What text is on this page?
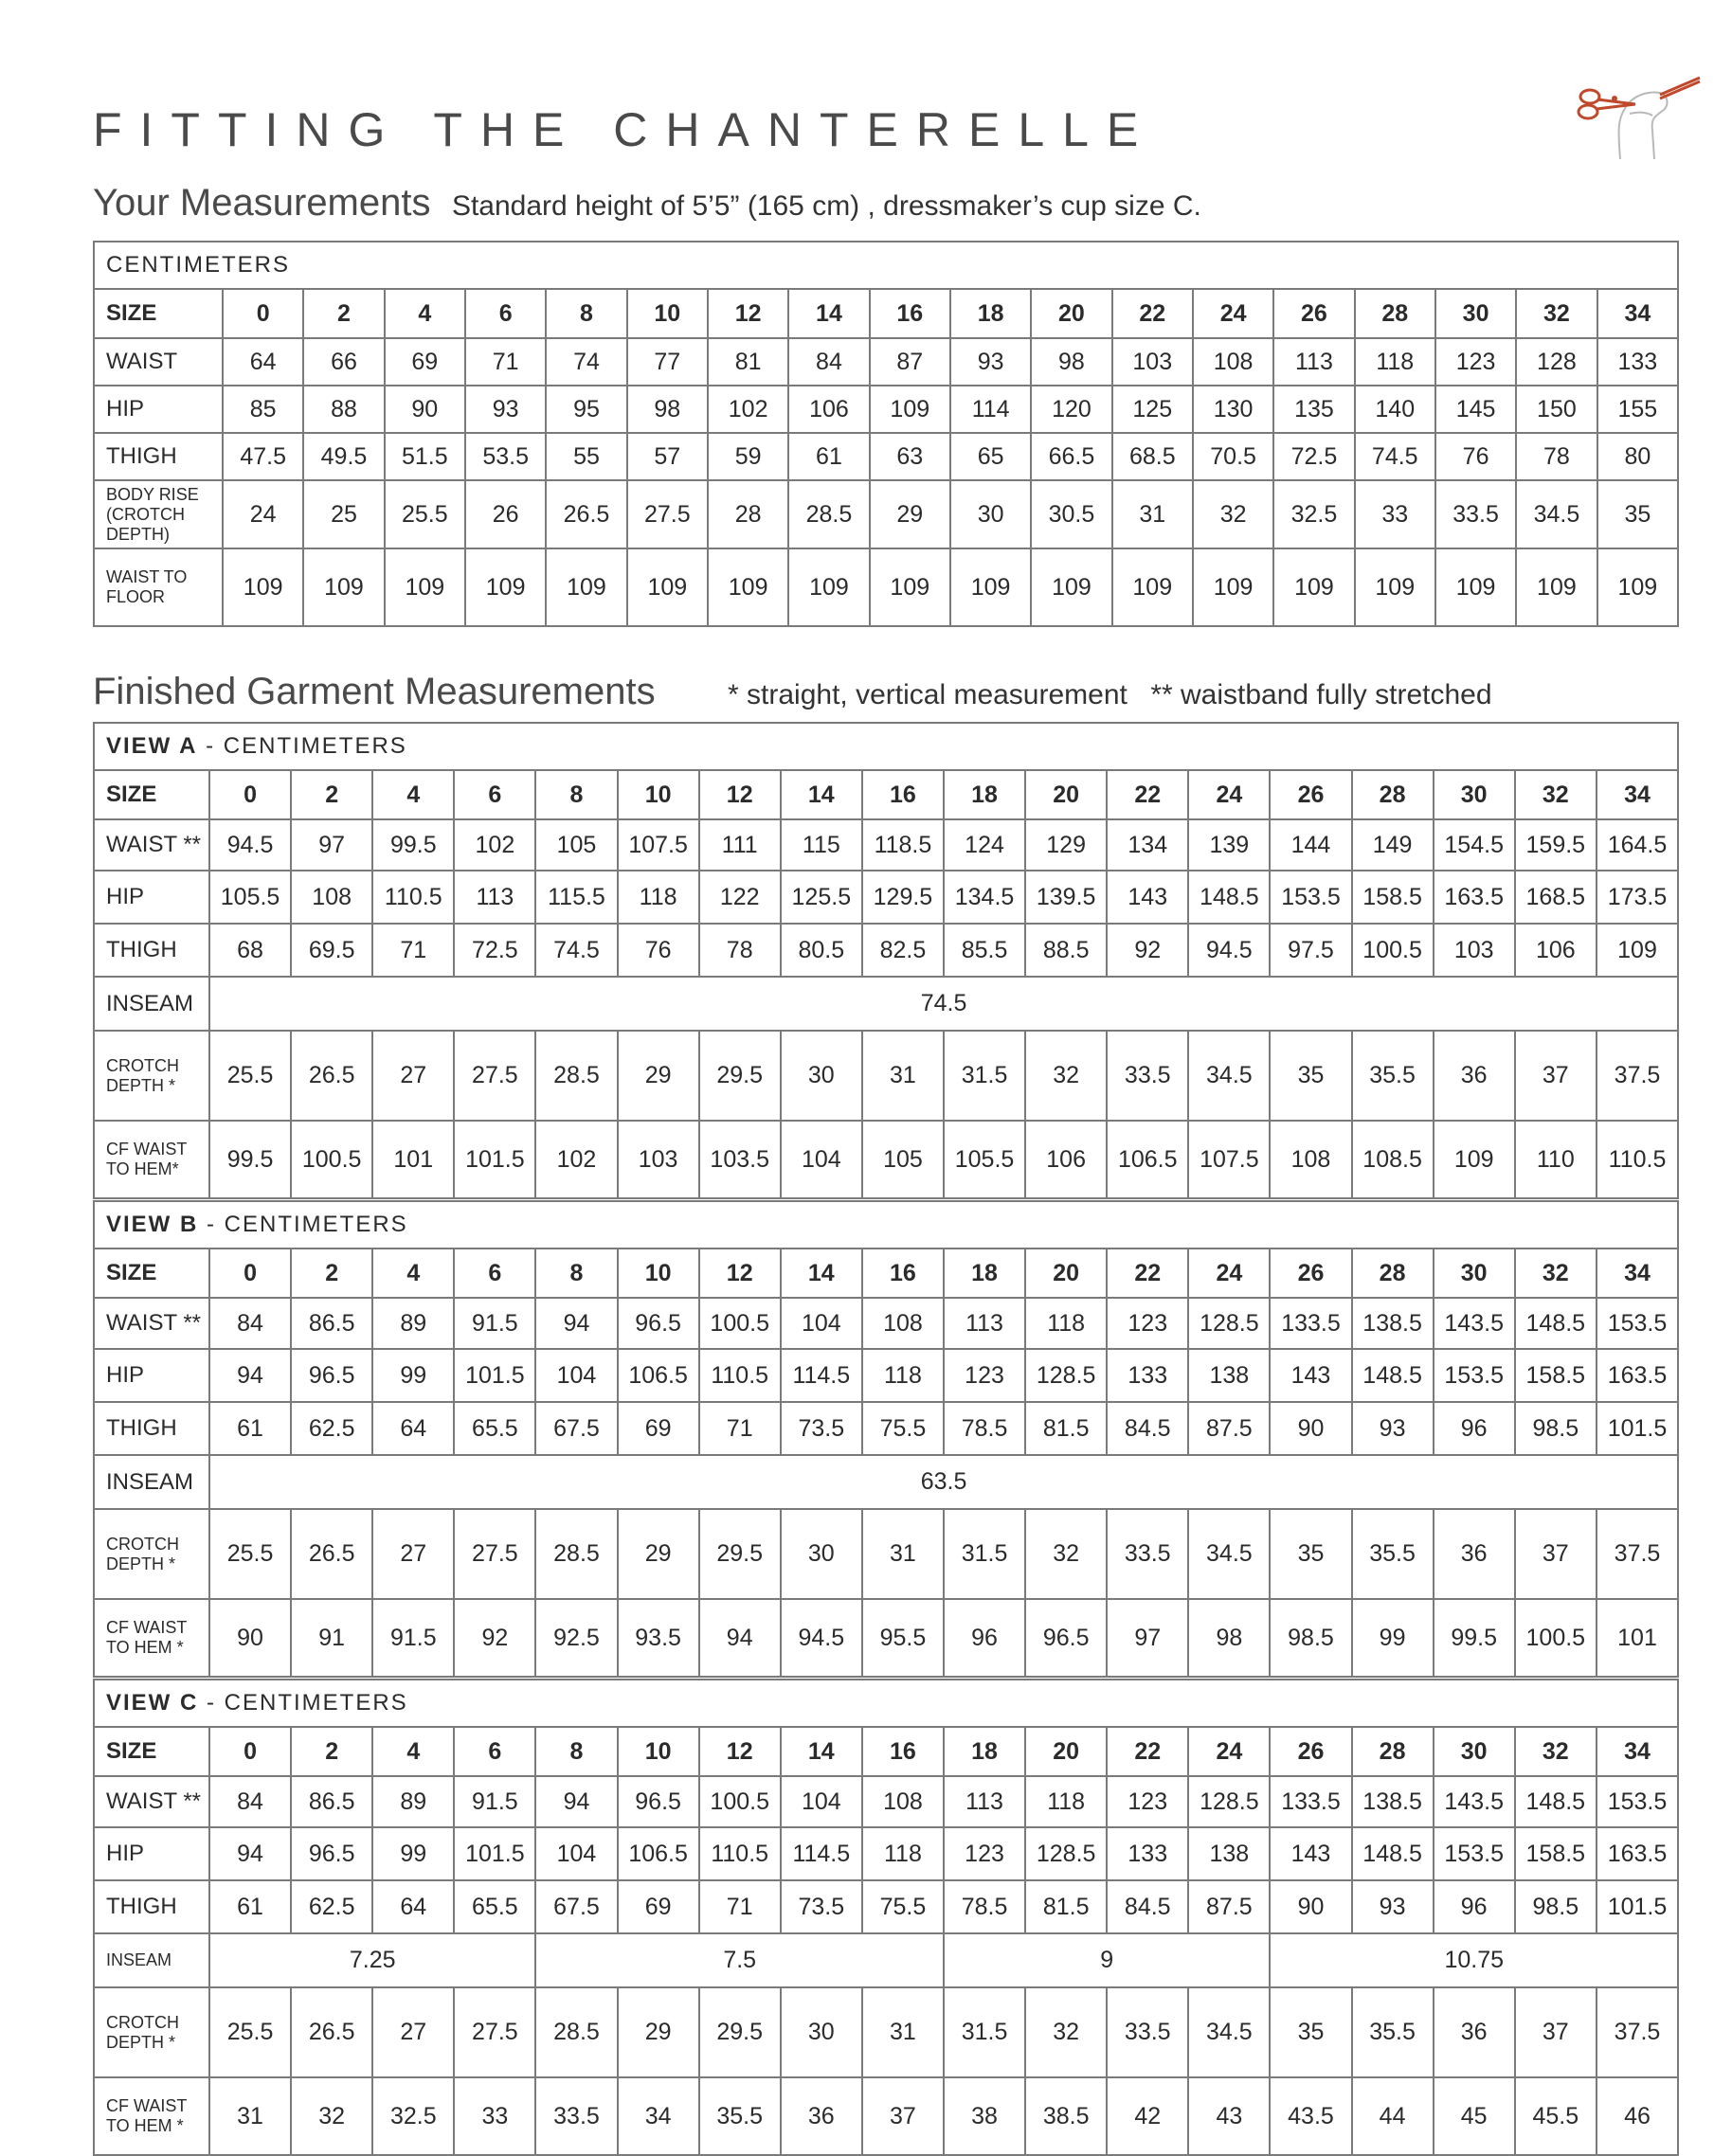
FITTING THE CHANTERELLE
Your Measurements Standard height of 5’5” (165 cm) , dressmaker’s cup size C.
CENTIMETERS																		
SIZE	0	2	4	6	8	10	12	14	16	18	20	22	24	26	28	30	32	34
WAIST	64	66	69	71	74	77	81	84	87	93	98	103	108	113	118	123	128	133
HIP	85	88	90	93	95	98	102	106	109	114	120	125	130	135	140	145	150	155
THIGH	47.5	49.5	51.5	53.5	55	57	59	61	63	65	66.5	68.5	70.5	72.5	74.5	76	78	80
BODY RISE (CROTCH DEPTH)	24	25	25.5	26	26.5	27.5	28	28.5	29	30	30.5	31	32	32.5	33	33.5	34.5	35
WAIST TO FLOOR	109	109	109	109	109	109	109	109	109	109	109	109	109	109	109	109	109	109
Finished Garment Measurements	* straight, vertical measurement ** waistband fully stretched
VIEW A - CENTIMETERS																		
SIZE	0	2	4	6	8	10	12	14	16	18	20	22	24	26	28	30	32	34
WAIST **	94.5	97	99.5	102	105	107.5	111	115	118.5	124	129	134	139	144	149	154.5	159.5	164.5
HIP	105.5	108	110.5	113	115.5	118	122	125.5	129.5	134.5	139.5	143	148.5	153.5	158.5	163.5	168.5	173.5
THIGH	68	69.5	71	72.5	74.5	76	78	80.5	82.5	85.5	88.5	92	94.5	97.5	100.5	103	106	109
INSEAM	74.5																	
CROTCH DEPTH *	25.5	26.5	27	27.5	28.5	29	29.5	30	31	31.5	32	33.5	34.5	35	35.5	36	37	37.5
CF WAIST TO HEM*	99.5	100.5	101	101.5	102	103	103.5	104	105	105.5	106	106.5	107.5	108	108.5	109	110	110.5
VIEW B - CENTIMETERS																		
SIZE	0	2	4	6	8	10	12	14	16	18	20	22	24	26	28	30	32	34
WAIST **	84	86.5	89	91.5	94	96.5	100.5	104	108	113	118	123	128.5	133.5	138.5	143.5	148.5	153.5
HIP	94	96.5	99	101.5	104	106.5	110.5	114.5	118	123	128.5	133	138	143	148.5	153.5	158.5	163.5
THIGH	61	62.5	64	65.5	67.5	69	71	73.5	75.5	78.5	81.5	84.5	87.5	90	93	96	98.5	101.5
INSEAM	63.5																	
CROTCH DEPTH *	25.5	26.5	27	27.5	28.5	29	29.5	30	31	31.5	32	33.5	34.5	35	35.5	36	37	37.5
CF WAIST TO HEM *	90	91	91.5	92	92.5	93.5	94	94.5	95.5	96	96.5	97	98	98.5	99	99.5	100.5	101
VIEW C - CENTIMETERS																		
SIZE	0	2	4	6	8	10	12	14	16	18	20	22	24	26	28	30	32	34
WAIST **	84	86.5	89	91.5	94	96.5	100.5	104	108	113	118	123	128.5	133.5	138.5	143.5	148.5	153.5
HIP	94	96.5	99	101.5	104	106.5	110.5	114.5	118	123	128.5	133	138	143	148.5	153.5	158.5	163.5
THIGH	61	62.5	64	65.5	67.5	69	71	73.5	75.5	78.5	81.5	84.5	87.5	90	93	96	98.5	101.5
INSEAM	7.25				7.5					9				10.75				
CROTCH DEPTH *	25.5	26.5	27	27.5	28.5	29	29.5	30	31	31.5	32	33.5	34.5	35	35.5	36	37	37.5
CF WAIST TO HEM *	31	32	32.5	33	33.5	34	35.5	36	37	38	38.5	42	43	43.5	44	45	45.5	46
